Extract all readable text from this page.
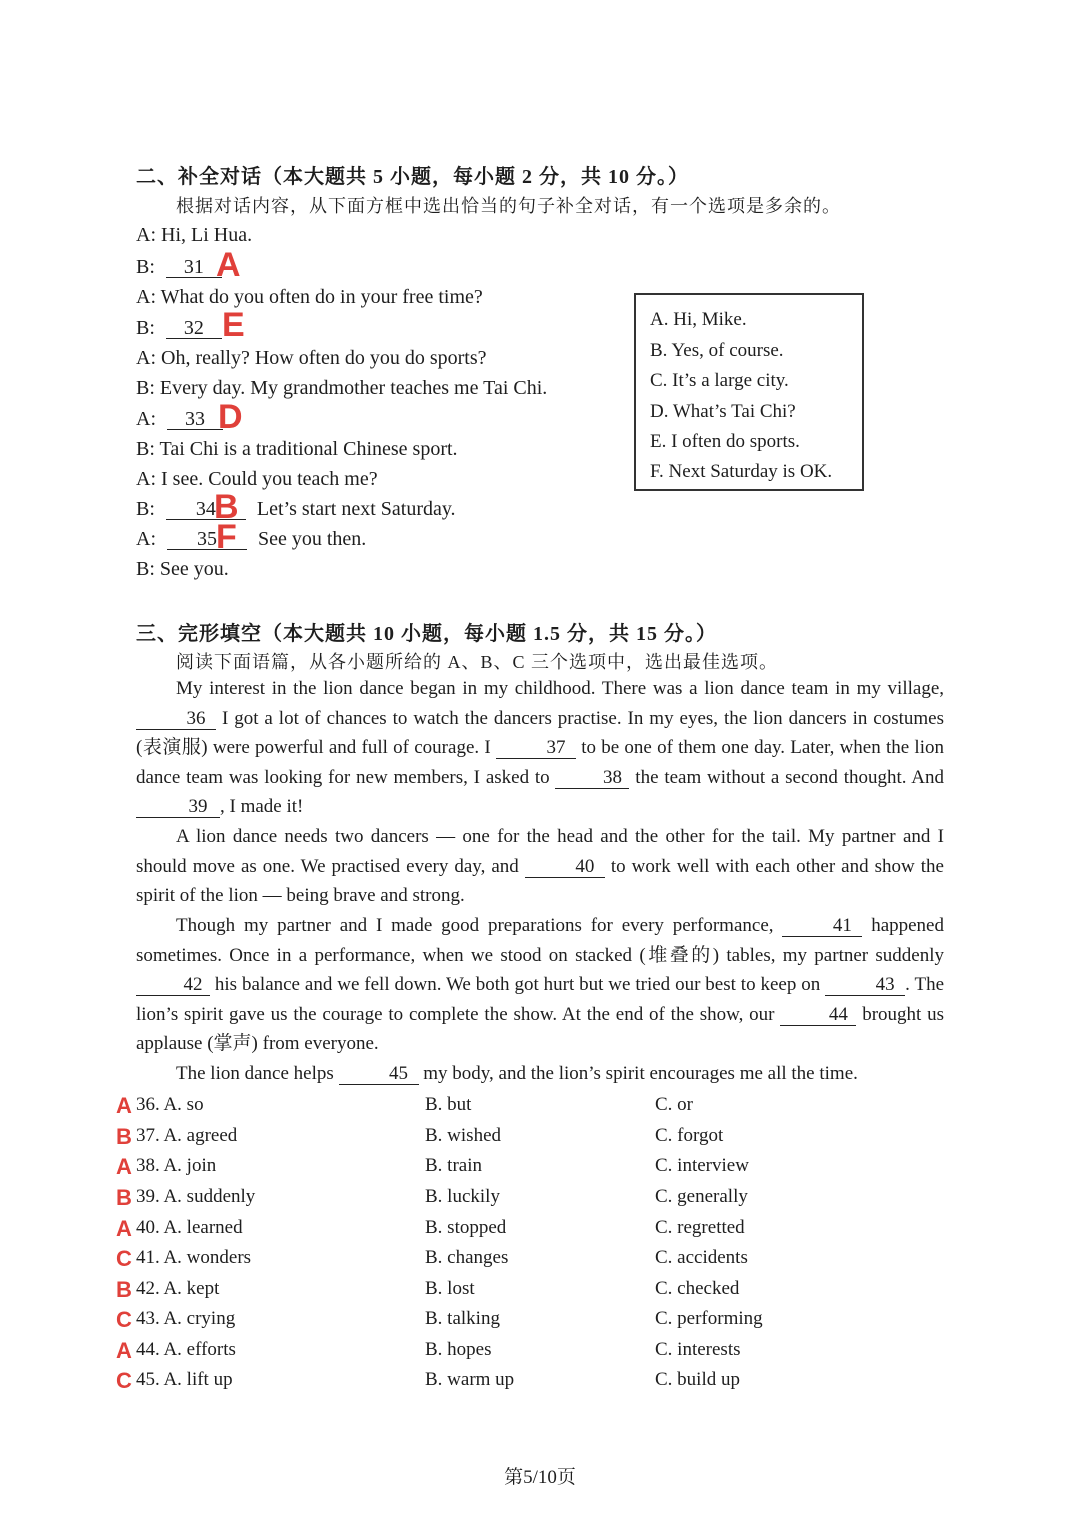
二、补全对话（本大题共 5 小题，每小题 2 分，共 10 分。）
根据对话内容，从下面方框中选出恰当的句子补全对话，有一个选项是多余的。
A: Hi, Li Hua.
B: 31 A
A: What do you often do in your free time?
B: 32 E
A: Oh, really? How often do you do sports?
B: Every day. My grandmother teaches me Tai Chi.
A: 33 D
B: Tai Chi is a traditional Chinese sport.
A: I see. Could you teach me?
B: 34 Let’s start next Saturday.
B
A: 35 See you then.
F
B: See you.
A. Hi, Mike.
B. Yes, of course.
C. It’s a large city.
D. What’s Tai Chi?
E. I often do sports.
F. Next Saturday is OK.
三、完形填空（本大题共 10 小题，每小题 1.5 分，共 15 分。）
阅读下面语篇，从各小题所给的 A、B、C 三个选项中，选出最佳选项。
My interest in the lion dance began in my childhood. There was a lion dance team in my village, 36 I got a lot of chances to watch the dancers practise. In my eyes, the lion dancers in costumes (表演服) were powerful and full of courage. I	37 to be one of them one day. Later, when the lion dance team was looking for new members, I asked to	38 the team without a second thought. And 39 , I made it!
A lion dance needs two dancers — one for the head and the other for the tail. My partner and I should move as one. We practised every day, and	40 to work well with each other and show the spirit of the lion — being brave and strong.
Though my partner and I made good preparations for every performance,	41 happened sometimes. Once in a performance, when we stood on stacked (堆叠的) tables, my partner suddenly 42 his balance and we fell down. We both got hurt but we tried our best to keep on	43 . The lion’s spirit gave us the courage to complete the show. At the end of the show, our	44 brought us applause (掌声) from everyone.
The lion dance helps	45 my body, and the lion’s spirit encourages me all the time.
A 36. A. so	B. but	C. or
B 37. A. agreed	B. wished	C. forgot
A 38. A. join	B. train	C. interview
B 39. A. suddenly	B. luckily	C. generally
A 40. A. learned	B. stopped	C. regretted
C 41. A. wonders	B. changes	C. accidents
B 42. A. kept	B. lost	C. checked
C 43. A. crying	B. talking	C. performing
A 44. A. efforts	B. hopes	C. interests
C 45. A. lift up	B. warm up	C. build up
第5/10页
